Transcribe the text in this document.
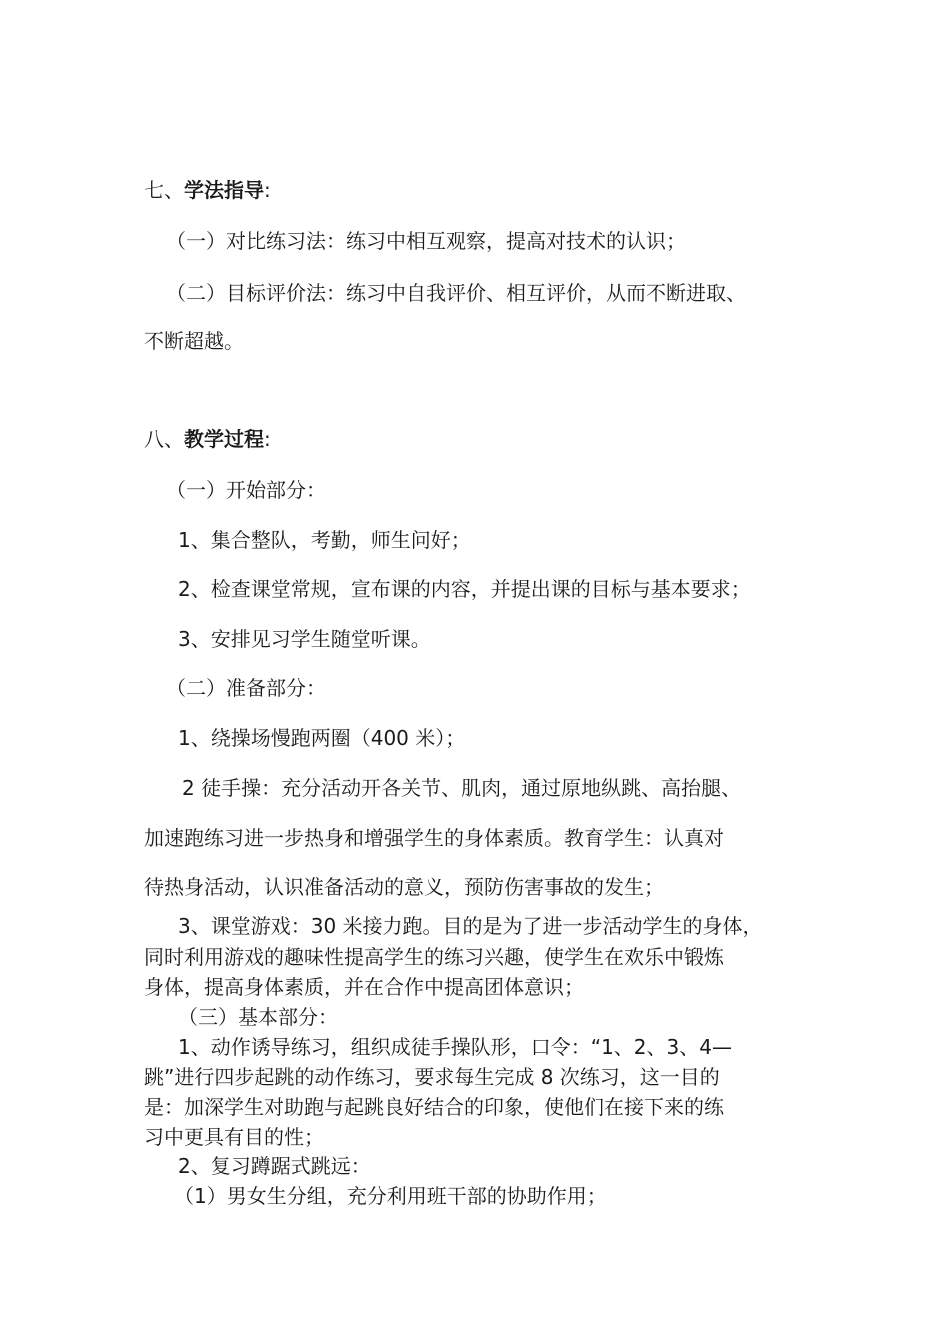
七、学法指导:

（一）对比练习法：练习中相互观察，提高对技术的认识；

（二）目标评价法：练习中自我评价、相互评价，从而不断进取、

不断超越。

八、教学过程:

（一）开始部分：

1、集合整队，考勤，师生问好；

2、检查课堂常规，宣布课的内容，并提出课的目标与基本要求；

3、安排见习学生随堂听课。

（二）准备部分：

1、绕操场慢跑两圈（400 米）；

2 徒手操：充分活动开各关节、肌肉，通过原地纵跳、高抬腿、

加速跑练习进一步热身和增强学生的身体素质。教育学生：认真对

待热身活动，认识准备活动的意义，预防伤害事故的发生；

3、课堂游戏：30 米接力跑。目的是为了进一步活动学生的身体，

同时利用游戏的趣味性提高学生的练习兴趣，使学生在欢乐中锻炼

身体，提高身体素质，并在合作中提高团体意识；

（三）基本部分：

1、动作诱导练习，组织成徒手操队形，口令：“1、2、3、4—

跳”进行四步起跳的动作练习，要求每生完成 8 次练习，这一目的

是：加深学生对助跑与起跳良好结合的印象，使他们在接下来的练

习中更具有目的性；

2、复习蹲踞式跳远：

（1）男女生分组，充分利用班干部的协助作用；
